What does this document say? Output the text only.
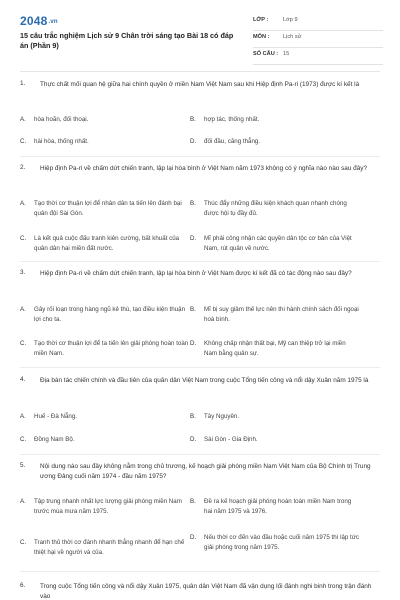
2048.vn
15 câu trắc nghiệm Lịch sử 9 Chân trời sáng tạo Bài 18 có đáp án (Phần 9)
LỚP :	Lớp 9
MÔN : Lịch sử
SỐ CÂU : 15
1. Thực chất mối quan hệ giữa hai chính quyền ở miền Nam Việt Nam sau khi Hiệp định Pa-ri (1973) được kí kết là
A. hòa hoãn, đối thoại.	B. hợp tác, thống nhất.
C. hài hòa, thống nhất.	D. đối đầu, căng thẳng.
2. Hiệp định Pa-ri về chấm dứt chiến tranh, lập lại hòa bình ở Việt Nam năm 1973 không có ý nghĩa nào nào sau đây?
A. Tạo thời cơ thuận lợi để nhân dân ta tiến lên đánh bại quân đội Sài Gòn.
B. Thúc đẩy những điều kiện khách quan nhanh chóng được hội tụ đầy đủ.
C. Là kết quả cuộc đấu tranh kiên cường, bất khuất của quân dân hai miền đất nước.
D. Mĩ phải công nhận các quyền dân tộc cơ bản của Việt Nam, rút quân về nước.
3. Hiệp định Pa-ri về chấm dứt chiến tranh, lập lại hòa bình ở Việt Nam được kí kết đã có tác động nào sau đây?
A. Gây rối loạn trong hàng ngũ kẻ thù, tạo điều kiện thuận lợi cho ta.
B. Mĩ bị suy giảm thế lực nên thi hành chính sách đối ngoại hoà bình.
C. Tạo thời cơ thuận lợi để ta tiến lên giải phóng hoàn toàn miền Nam.
D. Không chấp nhận thất bại, Mỹ can thiệp trở lại miền Nam bằng quân sự.
4. Địa bàn tác chiến chính và đầu tiên của quân dân Việt Nam trong cuộc Tổng tiến công và nổi dậy Xuân năm 1975 là
A. Huế - Đà Nẵng.	B. Tây Nguyên.
C. Đồng Nam Bộ.	D. Sài Gòn - Gia Định.
5. Nội dung nào sau đây không nằm trong chủ trương, kế hoạch giải phóng miền Nam Việt Nam của Bộ Chính trị Trung ương Đảng cuối năm 1974 - đầu năm 1975?
A. Tập trung nhanh nhất lực lượng giải phóng miền Nam trước mùa mưa năm 1975.
B. Đề ra kế hoạch giải phóng hoàn toàn miền Nam trong hai năm 1975 và 1976.
C. Tranh thủ thời cơ đánh nhanh thắng nhanh để hạn chế thiệt hại về người và của.
D. Nếu thời cơ đến vào đầu hoặc cuối năm 1975 thì lập tức giải phóng trong năm 1975.
6. Trong cuộc Tổng tiến công và nổi dậy Xuân 1975, quân dân Việt Nam đã vận dụng lối đánh nghi binh trong trận đánh vào
